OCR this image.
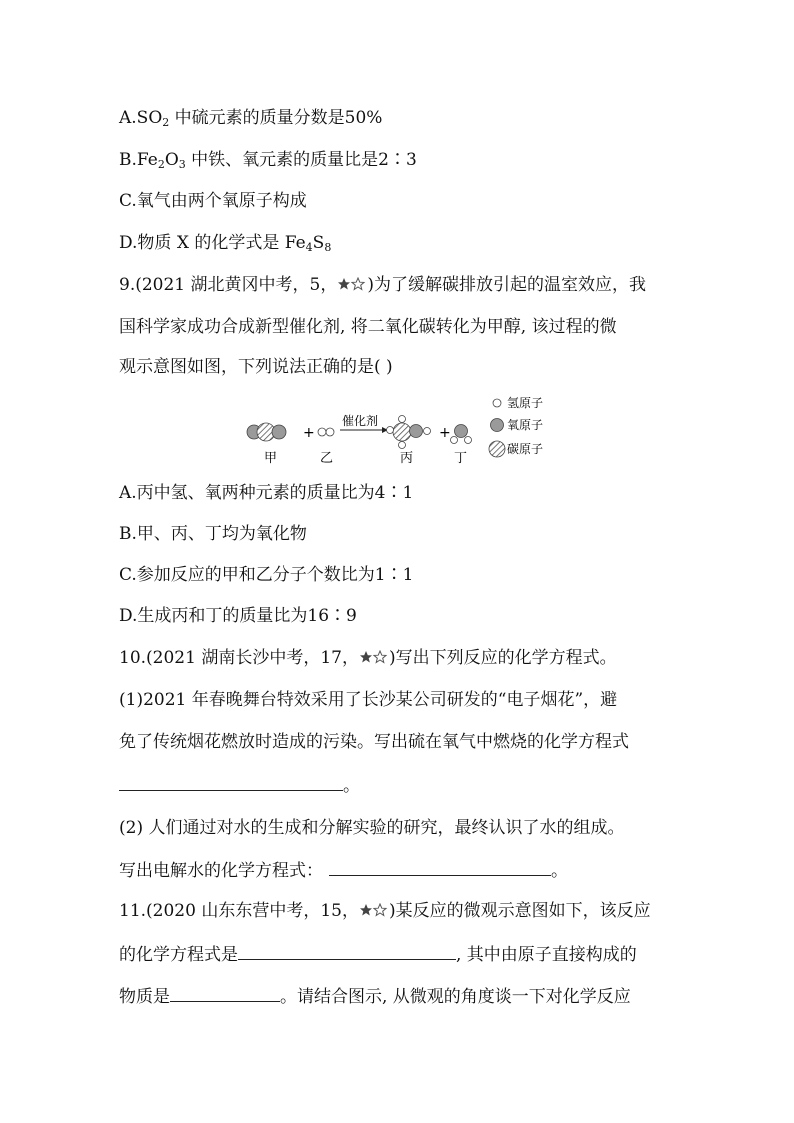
$A.SO_2$ 中硫元素的质量分数是50%
$B.Fe_2O_3$ 中铁、氧元素的质量比是2∶3
C.氧气由两个氧原子构成
D.物质 X 的化学式是 $Fe_4S_8$
9.(2021 湖北黄冈中考，5， )为了缓解碳排放引起的温室效应，我
国科学家成功合成新型催化剂, 将二氧化碳转化为甲醇, 该过程的微
观示意图如图，下列说法正确的是( )
+
催化剂
+
甲	乙	丙	丁
氢原子
氧原子
碳原子
A.丙中氢、氧两种元素的质量比为4∶1
B.甲、丙、丁均为氧化物
C.参加反应的甲和乙分子个数比为1∶1
D.生成丙和丁的质量比为16∶9
10.(2021 湖南长沙中考，17， )写出下列反应的化学方程式。
(1)2021 年春晚舞台特效采用了长沙某公司研发的“电子烟花”，避
免了传统烟花燃放时造成的污染。写出硫在氧气中燃烧的化学方程式
。
(2) 人们通过对水的生成和分解实验的研究，最终认识了水的组成。
写出电解水的化学方程式：	。
11.(2020 山东东营中考，15， )某反应的微观示意图如下，该反应
的化学方程式是	, 其中由原子直接构成的
物质是	。请结合图示, 从微观的角度谈一下对化学反应
